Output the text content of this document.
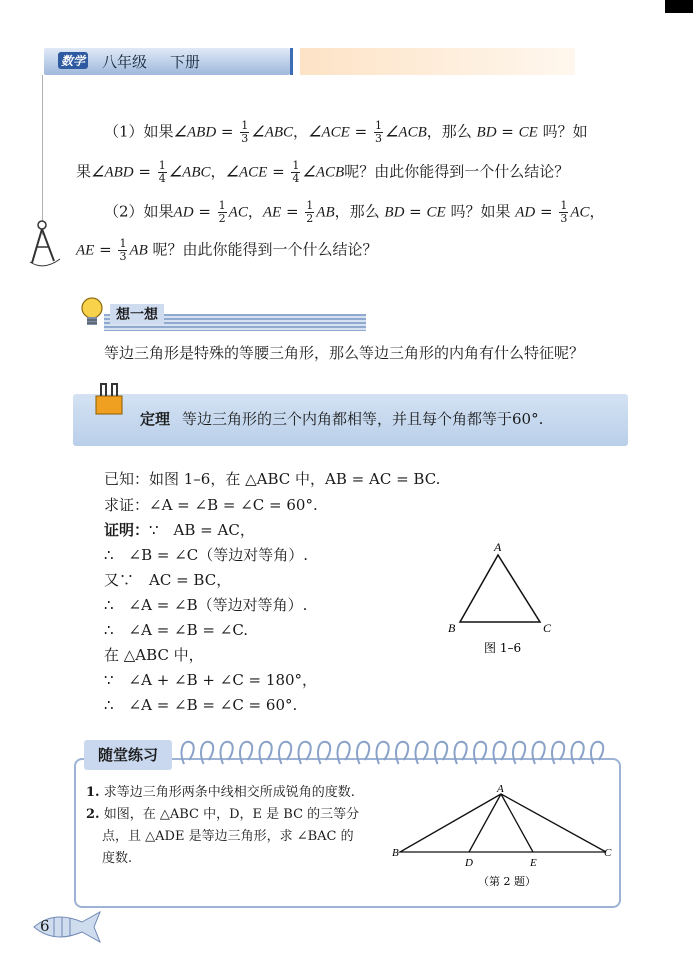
数学 八年级 下册
（1）如果∠ABD = $\frac{1}{3}$ ∠ABC，∠ACE = $\frac{1}{3}$ ∠ACB，那么 BD = CE 吗？如
果∠ABD = $\frac{1}{4}$ ∠ABC，∠ACE = $\frac{1}{4}$ ∠ACB呢？由此你能得到一个什么结论？
（2）如果AD = $\frac{1}{2}$ AC，AE = $\frac{1}{2}$ AB，那么 BD = CE 吗？如果 AD = $\frac{1}{3}$ AC，
AE = $\frac{1}{3}$ AB 呢？由此你能得到一个什么结论？
想一想
等边三角形是特殊的等腰三角形，那么等边三角形的内角有什么特征呢？
定理 等边三角形的三个内角都相等，并且每个角都等于60°.
已知：如图 1–6，在 △ABC 中，AB = AC = BC.
求证：∠A = ∠B = ∠C = 60°.
证明：∵　AB = AC，
∴　∠B = ∠C（等边对等角）.
又∵　AC = BC，
∴　∠A = ∠B（等边对等角）.
∴　∠A = ∠B = ∠C.
在 △ABC 中，
∵　∠A + ∠B + ∠C = 180°，
∴　∠A = ∠B = ∠C = 60°.
A
B	C
图 1–6
随堂练习
1. 求等边三角形两条中线相交所成锐角的度数.
2. 如图，在 △ABC 中，D，E 是 BC 的三等分
点，且 △ADE 是等边三角形，求 ∠BAC 的
度数.
A
B	C
D	E
（第 2 题）
6
